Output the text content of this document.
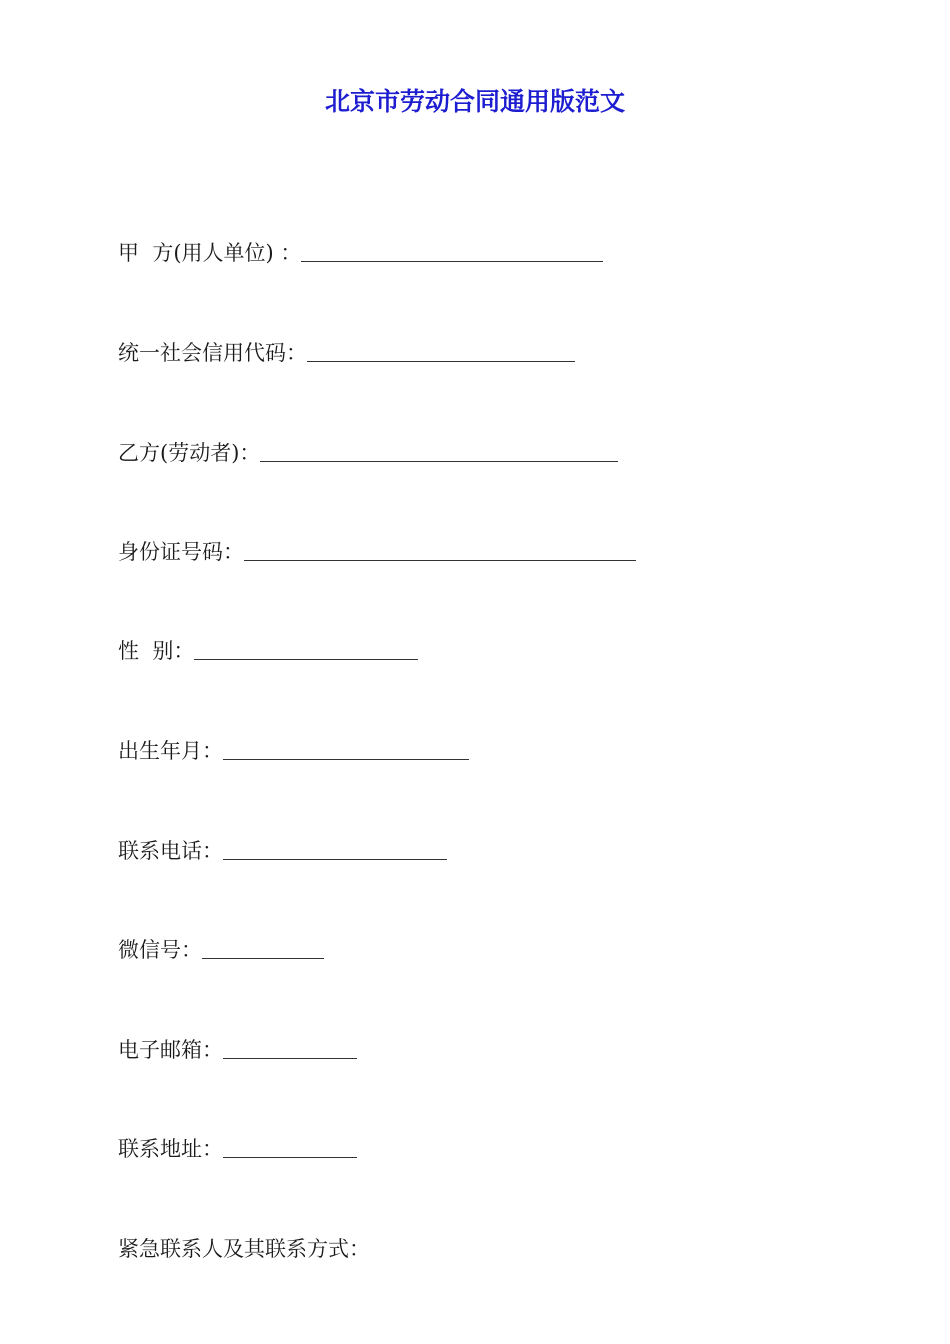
北京市劳动合同通用版范文
甲  方(用人单位) ：
统一社会信用代码：
乙方(劳动者)：
身份证号码：
性  别：
出生年月：
联系电话：
微信号：
电子邮箱：
联系地址：
紧急联系人及其联系方式：
